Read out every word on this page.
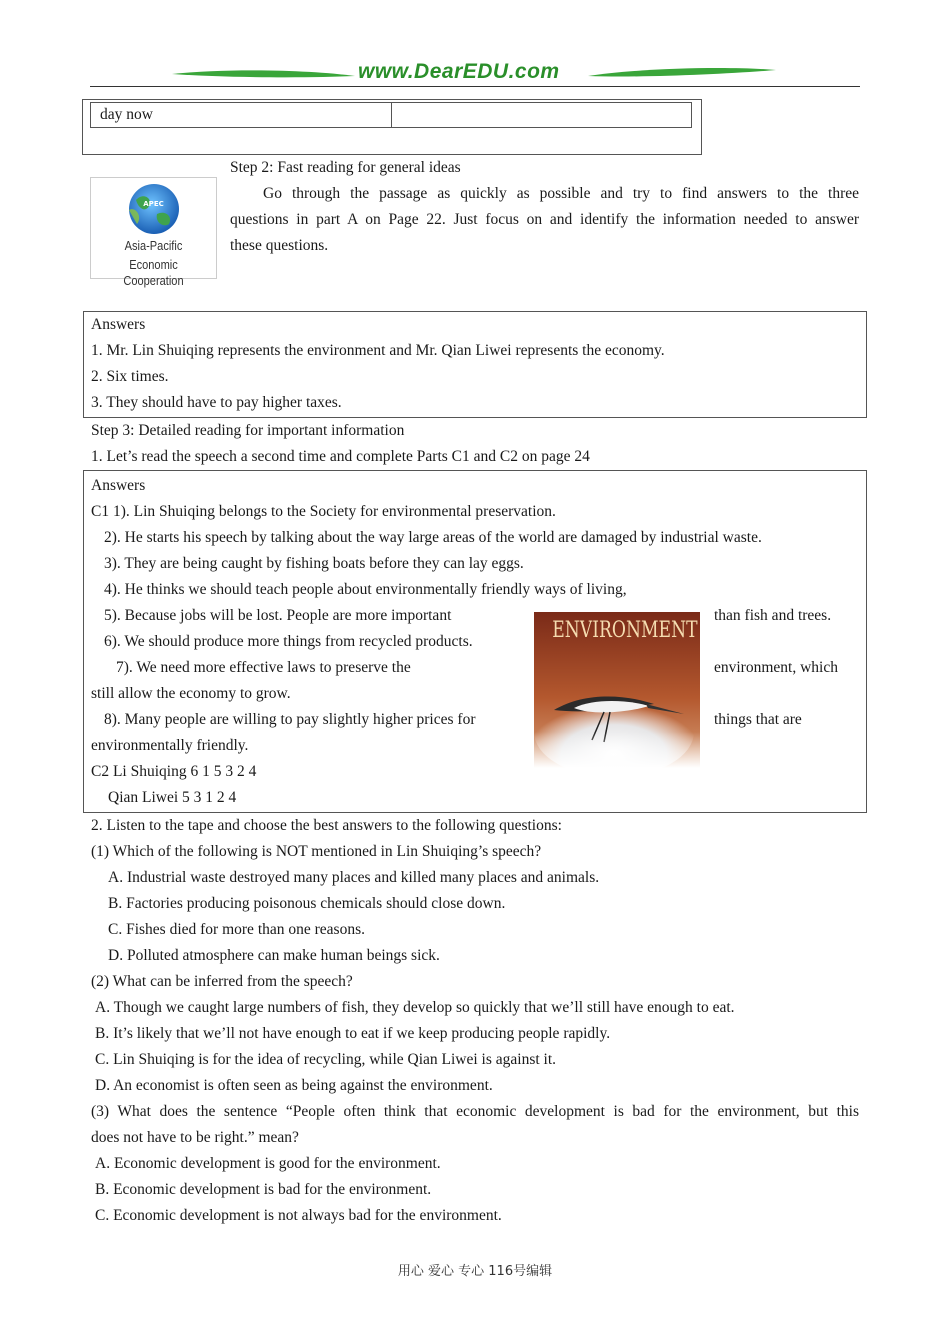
www.DearEDU.com
day now
APEC
Asia-Pacific
Economic Cooperation
Step 2: Fast reading for general ideas
Go through the passage as quickly as possible and try to find answers to the three
questions in part A on Page 22. Just focus on and identify the information needed to answer
these questions.
Answers
1. Mr. Lin Shuiqing represents the environment and Mr. Qian Liwei represents the economy.
2. Six times.
3. They should have to pay higher taxes.
Step 3: Detailed reading for important information
1. Let’s read the speech a second time and complete Parts C1 and C2 on page 24
Answers
C1 1). Lin Shuiqing belongs to the Society for environmental preservation.
2). He starts his speech by talking about the way large areas of the world are damaged by industrial waste.
3). They are being caught by fishing boats before they can lay eggs.
4). He thinks we should teach people about environmentally friendly ways of living,
5). Because jobs will be lost. People are more important	than fish and trees.
6). We should produce more things from recycled products.
7). We need more effective laws to preserve the	environment, which
still allow the economy to grow.
8). Many people are willing to pay slightly higher prices for	things that are
environmentally friendly.
C2 Li Shuiqing 6 1 5 3 2 4
Qian Liwei 5 3 1 2 4
ENVIRONMENT
2. Listen to the tape and choose the best answers to the following questions:
(1) Which of the following is NOT mentioned in Lin Shuiqing’s speech?
A. Industrial waste destroyed many places and killed many places and animals.
B. Factories producing poisonous chemicals should close down.
C. Fishes died for more than one reasons.
D. Polluted atmosphere can make human beings sick.
(2) What can be inferred from the speech?
A. Though we caught large numbers of fish, they develop so quickly that we’ll still have enough to eat.
B. It’s likely that we’ll not have enough to eat if we keep producing people rapidly.
C. Lin Shuiqing is for the idea of recycling, while Qian Liwei is against it.
D. An economist is often seen as being against the environment.
(3) What does the sentence “People often think that economic development is bad for the environment, but this
does not have to be right.” mean?
A. Economic development is good for the environment.
B. Economic development is bad for the environment.
C. Economic development is not always bad for the environment.
用心 爱心 专心 116号编辑
